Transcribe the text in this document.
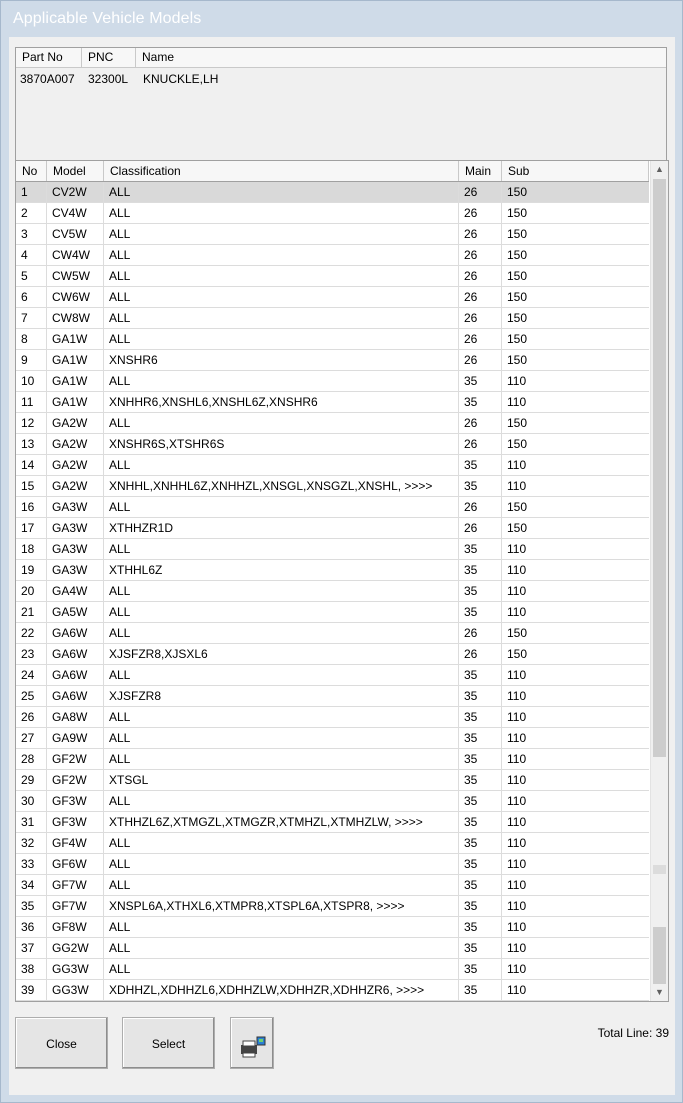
Applicable Vehicle Models
Part No	PNC	Name
3870A007 32300L KNUCKLE,LH
No	Model	Classification	Main	Sub
1	CV2W	ALL	26	150
2	CV4W	ALL	26	150
3	CV5W	ALL	26	150
4	CW4W	ALL	26	150
5	CW5W	ALL	26	150
6	CW6W	ALL	26	150
7	CW8W	ALL	26	150
8	GA1W	ALL	26	150
9	GA1W	XNSHR6	26	150
10	GA1W	ALL	35	110
11	GA1W	XNHHR6,XNSHL6,XNSHL6Z,XNSHR6	35	110
12	GA2W	ALL	26	150
13	GA2W	XNSHR6S,XTSHR6S	26	150
14	GA2W	ALL	35	110
15	GA2W	XNHHL,XNHHL6Z,XNHHZL,XNSGL,XNSGZL,XNSHL, >>>>	35	110
16	GA3W	ALL	26	150
17	GA3W	XTHHZR1D	26	150
18	GA3W	ALL	35	110
19	GA3W	XTHHL6Z	35	110
20	GA4W	ALL	35	110
21	GA5W	ALL	35	110
22	GA6W	ALL	26	150
23	GA6W	XJSFZR8,XJSXL6	26	150
24	GA6W	ALL	35	110
25	GA6W	XJSFZR8	35	110
26	GA8W	ALL	35	110
27	GA9W	ALL	35	110
28	GF2W	ALL	35	110
29	GF2W	XTSGL	35	110
30	GF3W	ALL	35	110
31	GF3W	XTHHZL6Z,XTMGZL,XTMGZR,XTMHZL,XTMHZLW, >>>>	35	110
32	GF4W	ALL	35	110
33	GF6W	ALL	35	110
34	GF7W	ALL	35	110
35	GF7W	XNSPL6A,XTHXL6,XTMPR8,XTSPL6A,XTSPR8, >>>>	35	110
36	GF8W	ALL	35	110
37	GG2W	ALL	35	110
38	GG3W	ALL	35	110
39	GG3W	XDHHZL,XDHHZL6,XDHHZLW,XDHHZR,XDHHZR6, >>>>	35	110
▲
▼
Close	Select
Total Line: 39
